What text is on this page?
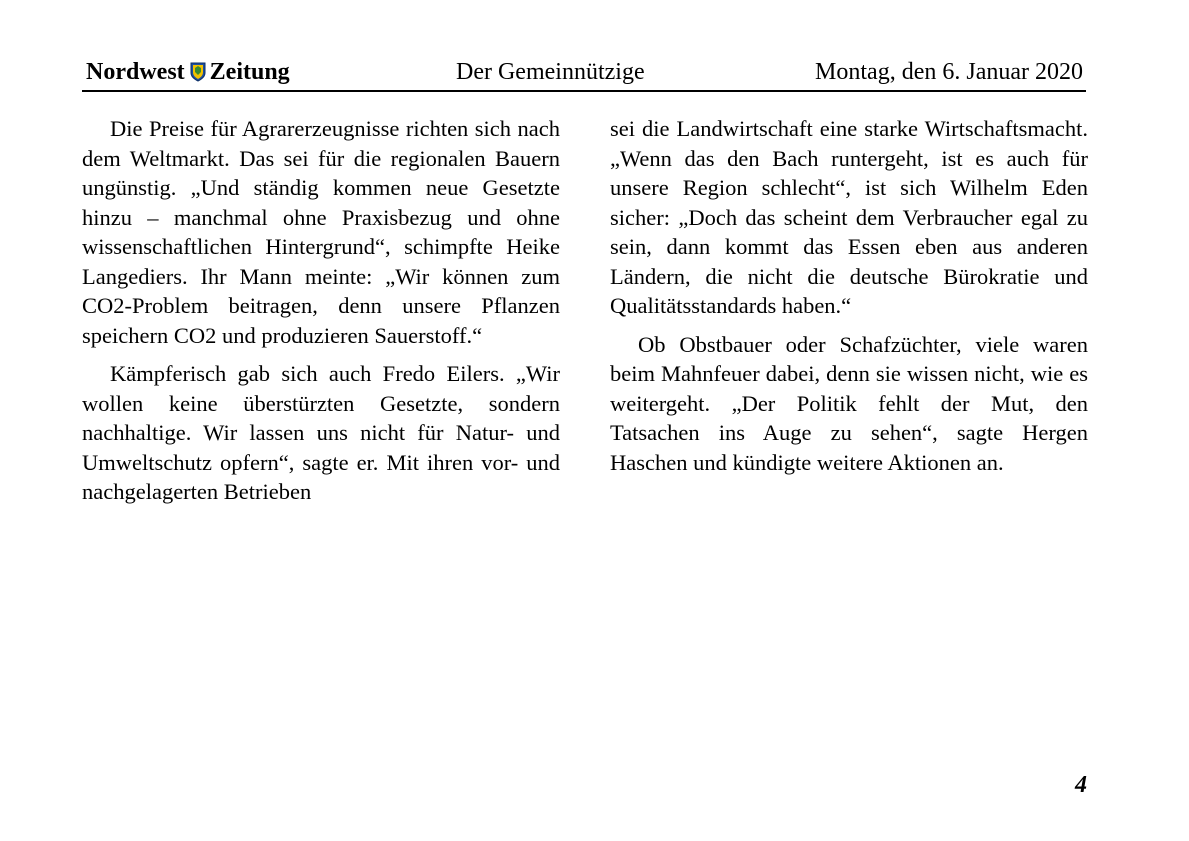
Nordwest Zeitung	Der Gemeinnützige	Montag, den 6. Januar 2020

Die Preise für Agrarerzeugnisse richten sich nach dem Weltmarkt. Das sei für die regionalen Bauern ungünstig. „Und ständig kommen neue Gesetzte hinzu – manchmal ohne Praxisbezug und ohne wissenschaftlichen Hintergrund“, schimpfte Heike Langediers. Ihr Mann meinte: „Wir können zum CO2-Problem beitragen, denn unsere Pflanzen speichern CO2 und produzieren Sauerstoff.“

Kämpferisch gab sich auch Fredo Eilers. „Wir wollen keine überstürzten Gesetzte, sondern nachhaltige. Wir lassen uns nicht für Natur- und Umweltschutz opfern“, sagte er. Mit ihren vor- und nachgelagerten Betrieben

sei die Landwirtschaft eine starke Wirtschaftsmacht. „Wenn das den Bach runtergeht, ist es auch für unsere Region schlecht“, ist sich Wilhelm Eden sicher: „Doch das scheint dem Verbraucher egal zu sein, dann kommt das Essen eben aus anderen Ländern, die nicht die deutsche Bürokratie und Qualitätsstandards haben.“

Ob Obstbauer oder Schafzüchter, viele waren beim Mahnfeuer dabei, denn sie wissen nicht, wie es weitergeht. „Der Politik fehlt der Mut, den Tatsachen ins Auge zu sehen“, sagte Hergen Haschen und kündigte weitere Aktionen an.

4
